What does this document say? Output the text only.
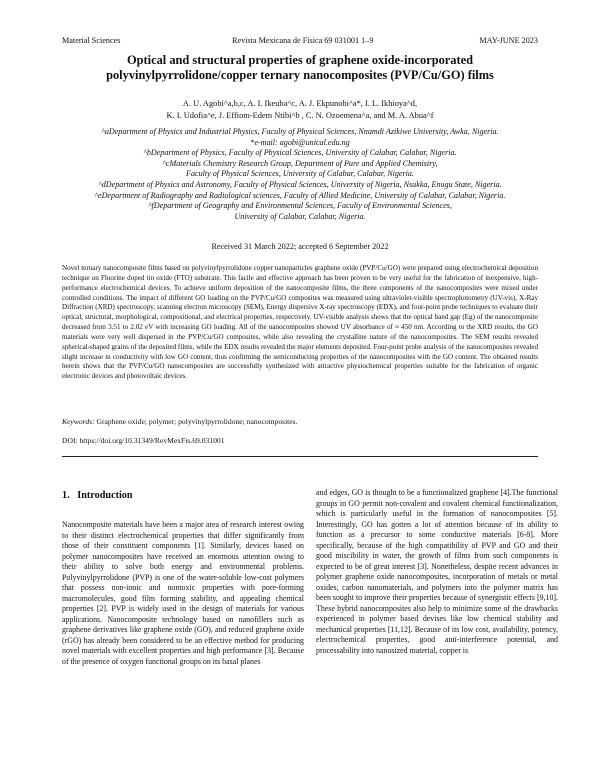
Material Sciences	Revista Mexicana de Física 69 031001 1–9	MAY-JUNE 2023
Optical and structural properties of graphene oxide-incorporated polyvinylpyrrolidone/copper ternary nanocomposites (PVP/Cu/GO) films
A. U. Agobi^a,b,c, A. I. Ikeuba^c, A. J. Ekpunobi^a*, I. L. Ikhioya^d,
K. I. Udofia^e, J. Effiom-Edem Ntibi^b , C. N. Ozoemena^a, and M. A. Abua^f
^aDepartment of Physics and Industrial Physics, Faculty of Physical Sciences, Nnamdi Azikiwe University, Awka, Nigeria.
*e-mail: agobi@unical.edu.ng
^bDepartment of Physics, Faculty of Physical Sciences, University of Calabar, Calabar, Nigeria.
^cMaterials Chemistry Research Group, Department of Pure and Applied Chemistry,
Faculty of Physical Sciences, University of Calabar, Calabar, Nigeria.
^dDepartment of Physics and Astronomy, Faculty of Physical Sciences, University of Nigeria, Nsukka, Enugu State, Nigeria.
^eDepartment of Radiography and Radiological sciences, Faculty of Allied Medicine, University of Calabar, Calabar, Nigeria.
^fDepartment of Geography and Environmental Sciences, Faculty of Environmental Sciences,
University of Calabar, Calabar, Nigeria.
Received 31 March 2022; accepted 6 September 2022
Novel ternary nanocomposite films based on polyvinylpyrrolidone copper nanoparticles graphene oxide (PVP/Cu/GO) were prepared using electrochemical deposition technique on Fluorine doped tin oxide (FTO) substrate. This facile and effective approach has been proven to be very useful for the fabrication of inexpensive, high-performance electrochemical devices. To achieve uniform deposition of the nanocomposite films, the three components of the nanocomposites were mixed under controlled conditions. The impact of different GO loading on the PVP/Cu/GO composites was measured using ultraviolet-visible spectrophotometry (UV-vis), X-Ray Diffraction (XRD) spectroscopy, scanning electron microscopy (SEM), Energy dispersive X-ray spectroscopy (EDX), and four-point probe techniques to evaluate their optical, structural, morphological, compositional, and electrical properties, respectively. UV-visible analysis shows that the optical band gap (Eg) of the nanocomposite decreased from 3.51 to 2.02 eV with increasing GO loading. All of the nanocomposites showed UV absorbance of ≈ 450 nm. According to the XRD results, the GO materials were very well dispersed in the PVP/Cu/GO composites, while also revealing the crystalline nature of the nanocomposites. The SEM results revealed spherical-shaped grains of the deposited films, while the EDX results revealed the major elements deposited. Four-point probe analysis of the nanocomposites revealed slight increase in conductivity with low GO content, thus confirming the semiconducting properties of the nanocomposites with the GO content. The obtained results herein shows that the PVP/Cu/GO nanocomposites are successfully synthesized with attractive physiochemical properties suitable for the fabrication of organic electronic devices and photovoltaic devices.
Keywords: Graphene oxide; polymer; polyvinylpyrrolidone; nanocomposites.
DOI: https://doi.org/10.31349/RevMexFis.69.031001
1. Introduction

Nanocomposite materials have been a major area of research interest owing to their distinct electrochemical properties that differ significantly from those of their constituent components [1]. Similarly, devices based on polymer nanocomposites have received an enormous attention owing to their ability to solve both energy and environmental problems. Polyvinylpyrrolidone (PVP) is one of the water-soluble low-cost polymers that possess non-ionic and nontoxic properties with pore-forming macromolecules, good film forming stability, and appealing chemical properties [2]. PVP is widely used in the design of materials for various applications. Nanocomposite technology based on nanofillers such as graphene derivatives like graphene oxide (GO), and reduced graphene oxide (rGO) has already been considered to be an effective method for producing novel materials with excellent properties and high performance [3]. Because of the presence of oxygen functional groups on its basal planes

and edges, GO is thought to be a functionalized graphene [4].The functional groups in GO permit non-covalent and covalent chemical functionalization, which is particularly useful in the formation of nanocomposites [5]. Interestingly, GO has gotten a lot of attention because of its ability to function as a precursor to some conductive materials [6-8]. More specifically, because of the high compatibility of PVP and GO and their good miscibility in water, the growth of films from such components is expected to be of great interest [3]. Nonetheless, despite recent advances in polymer graphene oxide nanocomposites, incorporation of metals or metal oxides, carbon nanomaterials, and polymers into the polymer matrix has been sought to improve their properties because of synergistic effects [9,10]. These hybrid nanocomposites also help to minimize some of the drawbacks experienced in polymer based devises like low chemical stability and mechanical properties [11,12]. Because of its low cost, availability, potency, electrochemical properties, good anti-interference potential, and processability into nanosized material, copper is
